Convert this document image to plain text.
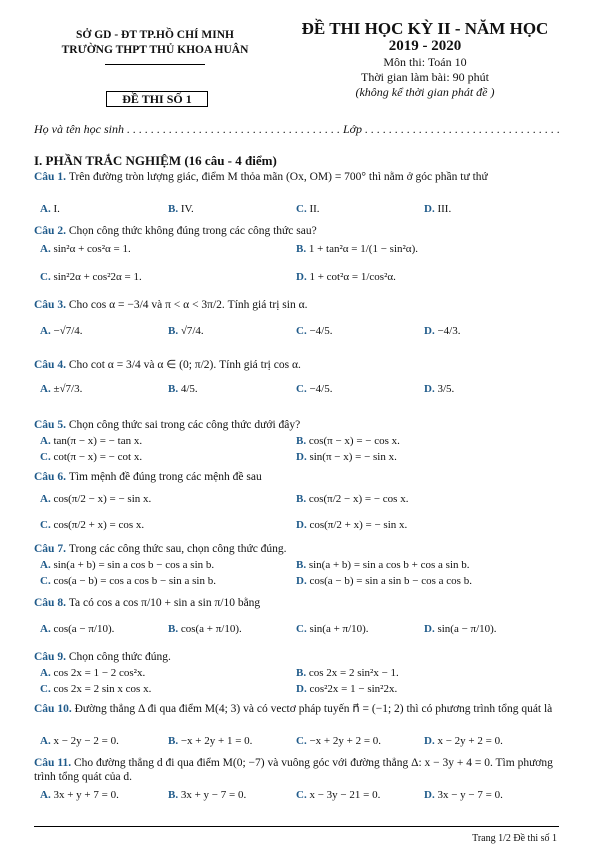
SỞ GD - ĐT TP.HỒ CHÍ MINH
TRƯỜNG THPT THỦ KHOA HUÂN
ĐỀ THI HỌC KỲ II - NĂM HỌC
2019 - 2020
Môn thi: Toán 10
Thời gian làm bài: 90 phút
(không kể thời gian phát đề )
ĐỀ THI SỐ 1
Họ và tên học sinh . . . . . . . . . . . . . . . . . . . . . . . . . . . . . . . . . . . . Lớp . . . . . . . . . . . . . . . . . . . . . . . . . . . . . . . . .
I. PHẦN TRẮC NGHIỆM (16 câu - 4 điểm)
Câu 1. Trên đường tròn lượng giác, điểm M thỏa mãn (Ox, OM) = 700° thì nằm ở góc phần tư thứ
A. I.	B. IV.	C. II.	D. III.
Câu 2. Chọn công thức không đúng trong các công thức sau?
A. sin²α + cos²α = 1.	B. 1 + tan²α = 1/(1 − sin²α).
C. sin²2α + cos²2α = 1.	D. 1 + cot²α = 1/cos²α.
Câu 3. Cho cos α = −3/4 và π < α < 3π/2. Tính giá trị sin α.
A. −√7/4.	B. √7/4.	C. −4/5.	D. −4/3.
Câu 4. Cho cot α = 3/4 và α ∈ (0; π/2). Tính giá trị cos α.
A. ±√7/3.	B. 4/5.	C. −4/5.	D. 3/5.
Câu 5. Chọn công thức sai trong các công thức dưới đây?
A. tan(π − x) = − tan x.	B. cos(π − x) = − cos x.
C. cot(π − x) = − cot x.	D. sin(π − x) = − sin x.
Câu 6. Tìm mệnh đề đúng trong các mệnh đề sau
A. cos(π/2 − x) = − sin x.	B. cos(π/2 − x) = − cos x.
C. cos(π/2 + x) = cos x.	D. cos(π/2 + x) = − sin x.
Câu 7. Trong các công thức sau, chọn công thức đúng.
A. sin(a + b) = sin a cos b − cos a sin b.	B. sin(a + b) = sin a cos b + cos a sin b.
C. cos(a − b) = cos a cos b − sin a sin b.	D. cos(a − b) = sin a sin b − cos a cos b.
Câu 8. Ta có cos a cos π/10 + sin a sin π/10 bằng
A. cos(a − π/10).	B. cos(a + π/10).	C. sin(a + π/10).	D. sin(a − π/10).
Câu 9. Chọn công thức đúng.
A. cos 2x = 1 − 2 cos²x.	B. cos 2x = 2 sin²x − 1.
C. cos 2x = 2 sin x cos x.	D. cos²2x = 1 − sin²2x.
Câu 10. Đường thẳng Δ đi qua điểm M(4; 3) và có vectơ pháp tuyến n⃗ = (−1; 2) thì có phương trình tổng quát là
A. x − 2y − 2 = 0.	B. −x + 2y + 1 = 0.	C. −x + 2y + 2 = 0.	D. x − 2y + 2 = 0.
Câu 11. Cho đường thẳng d đi qua điểm M(0; −7) và vuông góc với đường thẳng Δ: x − 3y + 4 = 0. Tìm phương trình tổng quát của d.
A. 3x + y + 7 = 0.	B. 3x + y − 7 = 0.	C. x − 3y − 21 = 0.	D. 3x − y − 7 = 0.
Trang 1/2 Đề thi số 1
